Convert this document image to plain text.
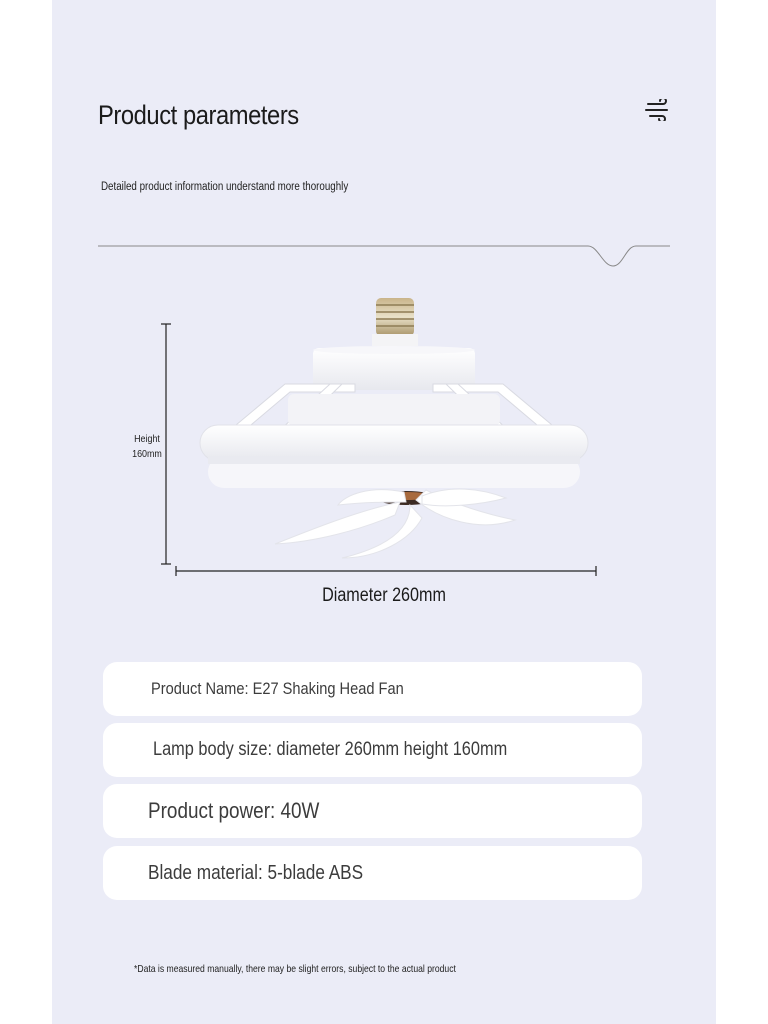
Product parameters
Detailed product information understand more thoroughly
Height
160mm
Diameter 260mm
Product Name: E27 Shaking Head Fan
Lamp body size: diameter 260mm height 160mm
Product power: 40W
Blade material: 5-blade ABS
*Data is measured manually, there may be slight errors, subject to the actual product
